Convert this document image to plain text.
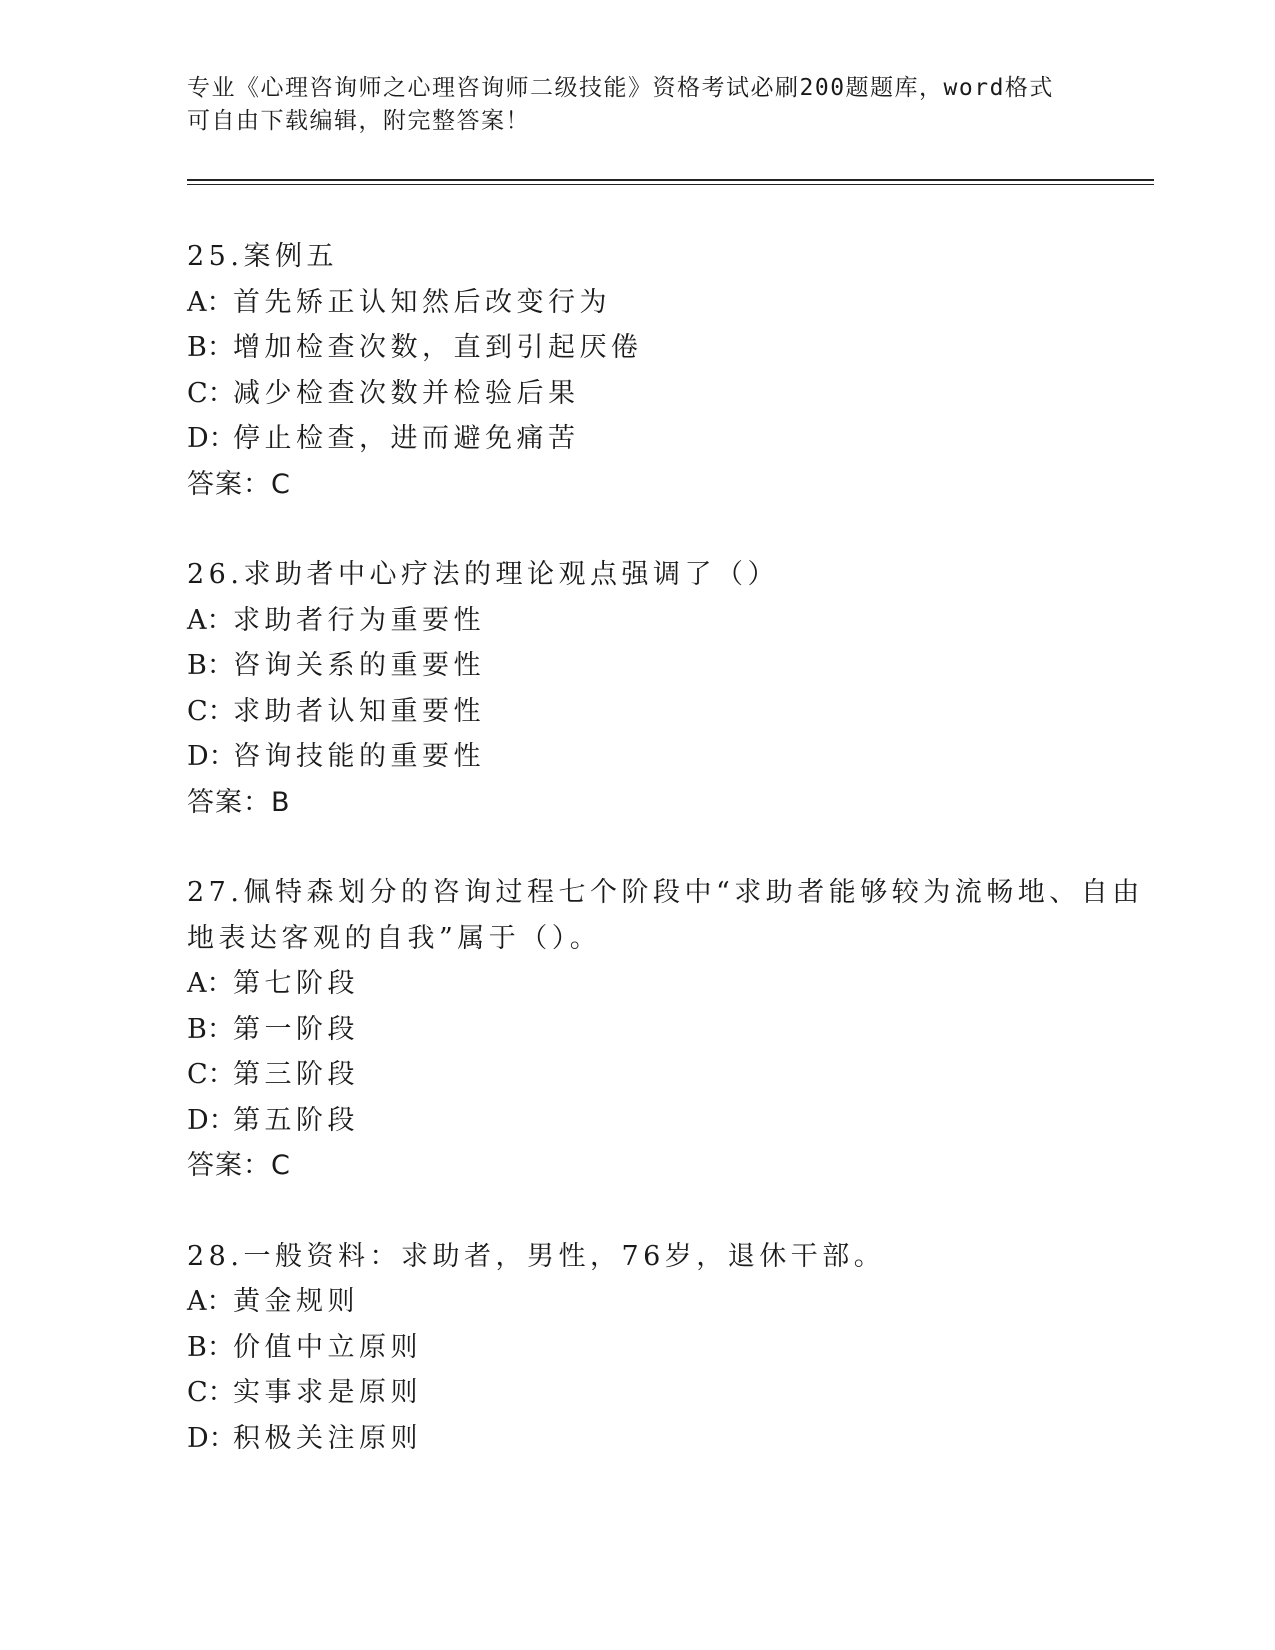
专业《心理咨询师之心理咨询师二级技能》资格考试必刷200题题库，word格式
可自由下载编辑，附完整答案！
25.案例五
A： 首先矫正认知然后改变行为
B： 增加检查次数，直到引起厌倦
C：
减少检查次数并检验后果
D：
停止检查，进而避免痛苦
答案：C
26.求助者中心疗法的理论观点强调了（）
A： 求助者行为重要性
B： 咨询关系的重要性
C：
求助者认知重要性
D：
咨询技能的重要性
答案：B
27.佩特森划分的咨询过程七个阶段中“求助者能够较为流畅地、自由
地表达客观的自我”属于（）。
A： 第七阶段
B： 第一阶段
C：
第三阶段
D：
第五阶段
答案：C
28.一般资料：求助者，男性，76岁，退休干部。
A： 黄金规则
B： 价值中立原则
C：
实事求是原则
D：
积极关注原则
